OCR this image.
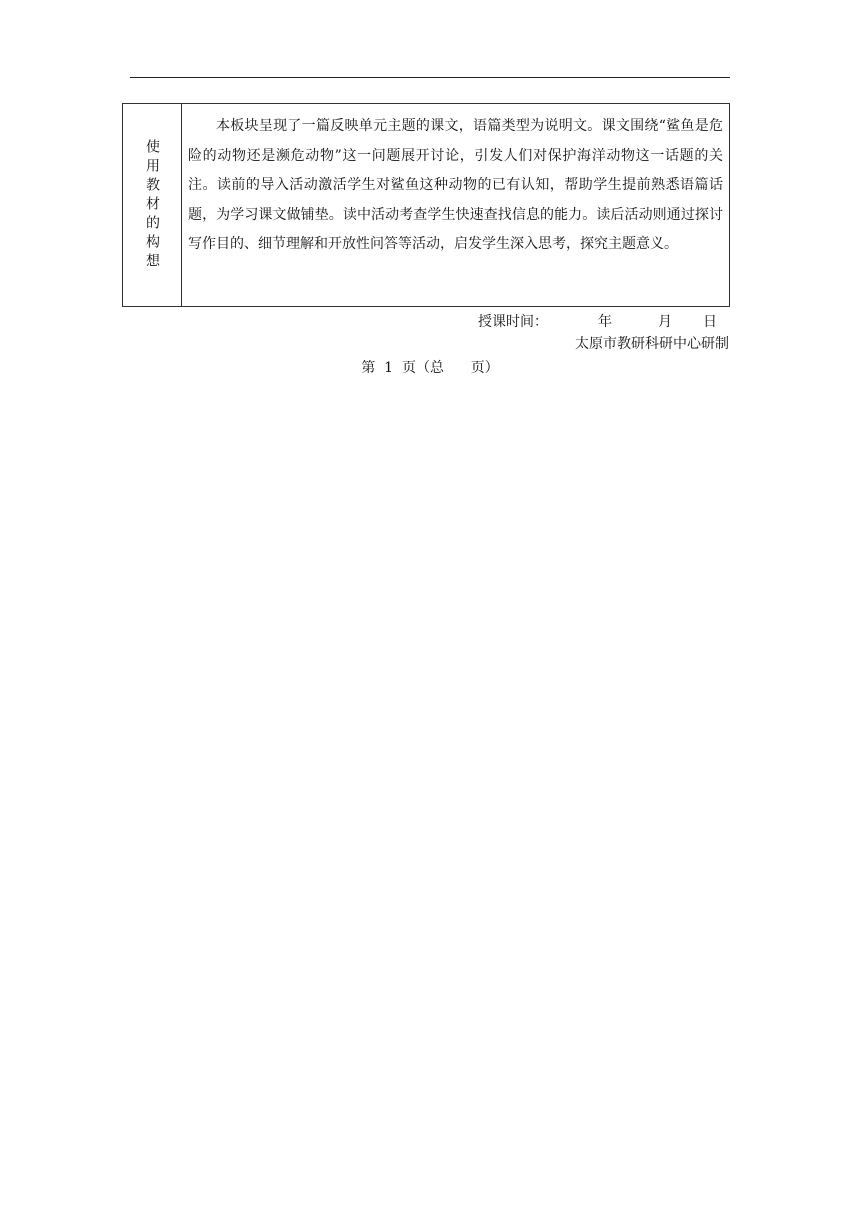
使用教材的构想

本板块呈现了一篇反映单元主题的课文，语篇类型为说明文。课文围绕“鲨鱼是危险的动物还是濒危动物”这一问题展开讨论，引发人们对保护海洋动物这一话题的关注。读前的导入活动激活学生对鲨鱼这种动物的已有认知，帮助学生提前熟悉语篇话题，为学习课文做铺垫。读中活动考查学生快速查找信息的能力。读后活动则通过探讨写作目的、细节理解和开放性问答等活动，启发学生深入思考，探究主题意义。

授课时间：	年	月 日
太原市教研科研中心研制
第  1  页（总      页）
